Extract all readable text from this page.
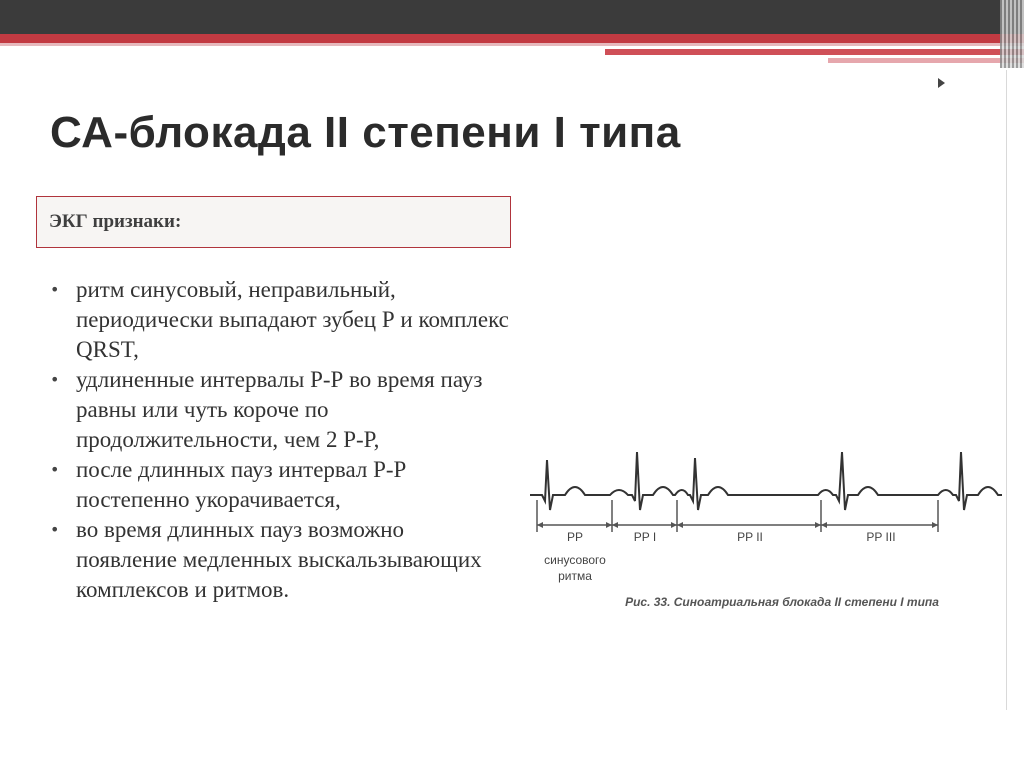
СА-блокада II степени I типа

ЭКГ признаки:

• ритм синусовый, неправильный, периодически выпадают зубец Р и комплекс QRST,
• удлиненные интервалы Р-Р во время пауз равны или чуть короче по продолжительности, чем 2 Р-Р,
• после длинных пауз интервал Р-Р постепенно укорачивается,
• во время длинных пауз возможно появление медленных выскальзывающих комплексов и ритмов.
PP	PP I	PP II	PP III
синусового
ритма
Рис. 33. Синоатриальная блокада II степени I типа
